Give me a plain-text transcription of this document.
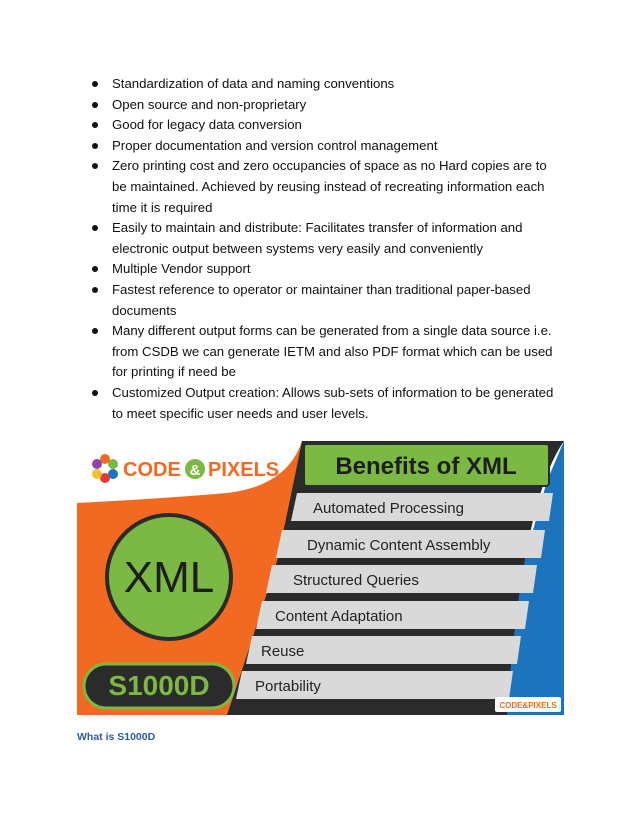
Standardization of data and naming conventions
Open source and non-proprietary
Good for legacy data conversion
Proper documentation and version control management
Zero printing cost and zero occupancies of space as no Hard copies are to be maintained. Achieved by reusing instead of recreating information each time it is required
Easily to maintain and distribute: Facilitates transfer of information and electronic output between systems very easily and conveniently
Multiple Vendor support
Fastest reference to operator or maintainer than traditional paper-based documents
Many different output forms can be generated from a single data source i.e. from CSDB we can generate IETM and also PDF format which can be used for printing if need be
Customized Output creation: Allows sub-sets of information to be generated to meet specific user needs and user levels.
CODE & PIXELS Benefits of XML
XML
S1000D
Automated Processing
Dynamic Content Assembly
Structured Queries
Content Adaptation
Reuse
Portability
CODE&PIXELS
What is S1000D
